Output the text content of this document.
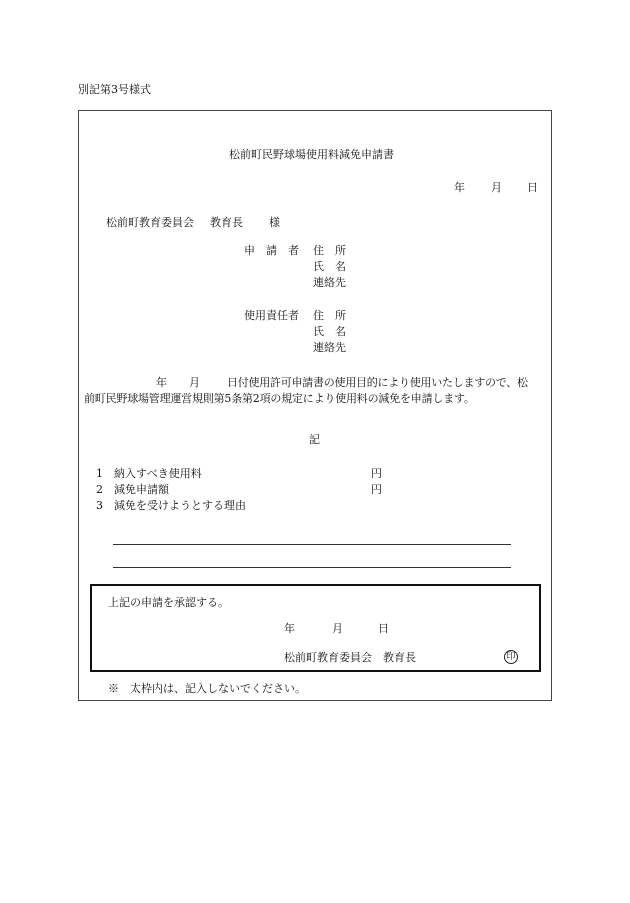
別記第3号様式
松前町民野球場使用料減免申請書
年 月 日
松前町教育委員会 教育長 様
申　請　者 住　所
氏　名
連絡先
使用責任者 住　所
氏　名
連絡先
年 月 日付使用許可申請書の使用目的により使用いたしますので、松
前町民野球場管理運営規則第5条第2項の規定により使用料の減免を申請します。
記
1 納入すべき使用料	円
2 減免申請額	円
3 減免を受けようとする理由
上記の申請を承認する。
年	月	日
松前町教育委員会　教育長	印
※　太枠内は、記入しないでください。
